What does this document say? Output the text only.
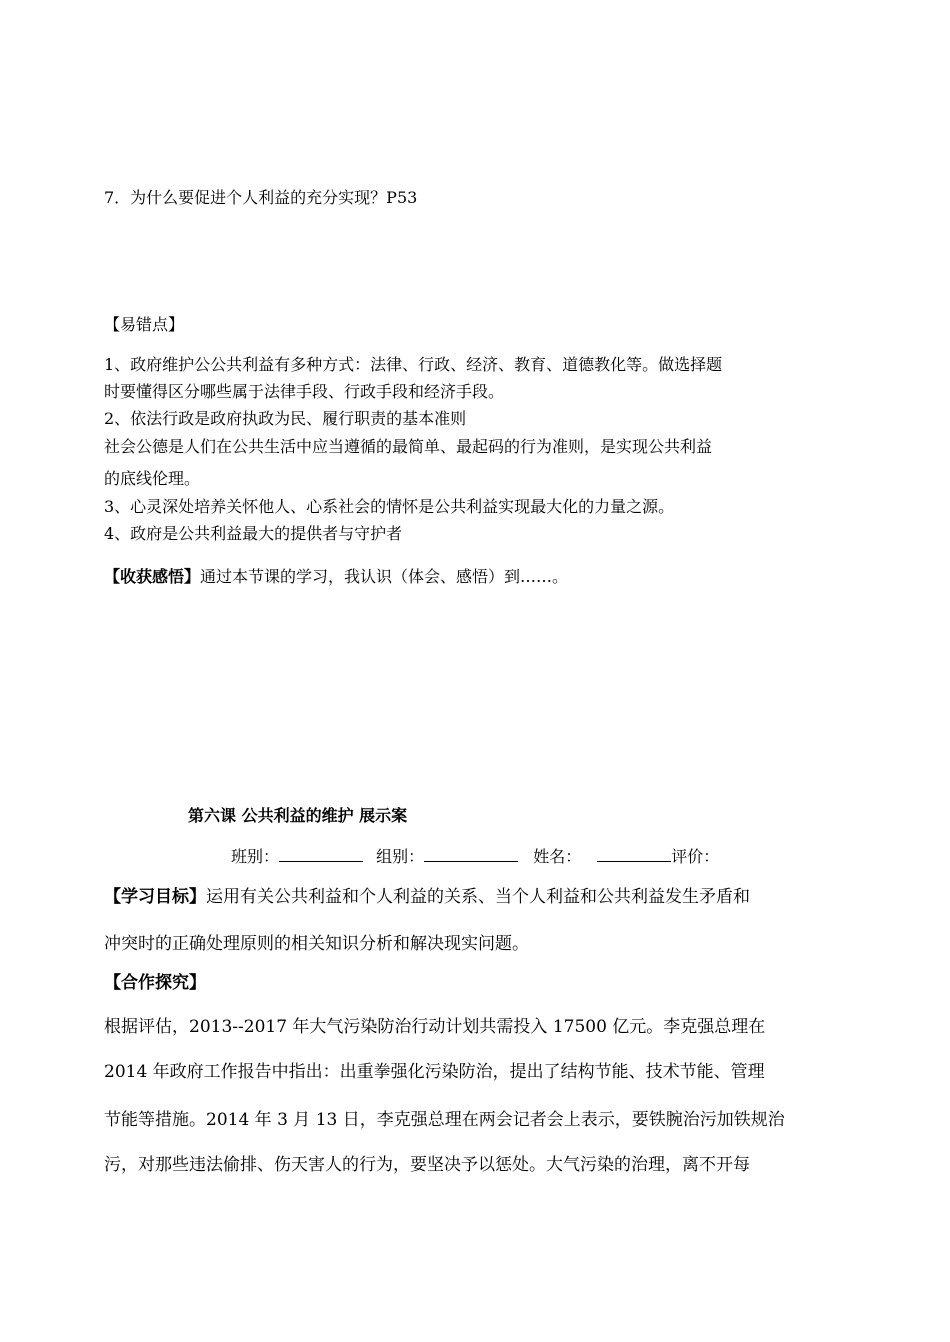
7．为什么要促进个人利益的充分实现？P53
【易错点】
1、政府维护公公共利益有多种方式：法律、行政、经济、教育、道德教化等。做选择题
时要懂得区分哪些属于法律手段、行政手段和经济手段。
2、依法行政是政府执政为民、履行职责的基本准则
社会公德是人们在公共生活中应当遵循的最简单、最起码的行为准则，是实现公共利益
的底线伦理。
3、心灵深处培养关怀他人、心系社会的情怀是公共利益实现最大化的力量之源。
4、政府是公共利益最大的提供者与守护者
【收获感悟】通过本节课的学习，我认识（体会、感悟）到……。
第六课 公共利益的维护 展示案
班别：	组别：	姓名：	评价：
【学习目标】运用有关公共利益和个人利益的关系、当个人利益和公共利益发生矛盾和
冲突时的正确处理原则的相关知识分析和解决现实问题。
【合作探究】
根据评估，2013--2017 年大气污染防治行动计划共需投入 17500 亿元。李克强总理在
2014 年政府工作报告中指出：出重拳强化污染防治，提出了结构节能、技术节能、管理
节能等措施。2014 年 3 月 13 日，李克强总理在两会记者会上表示，要铁腕治污加铁规治
污，对那些违法偷排、伤天害人的行为，要坚决予以惩处。大气污染的治理，离不开每
